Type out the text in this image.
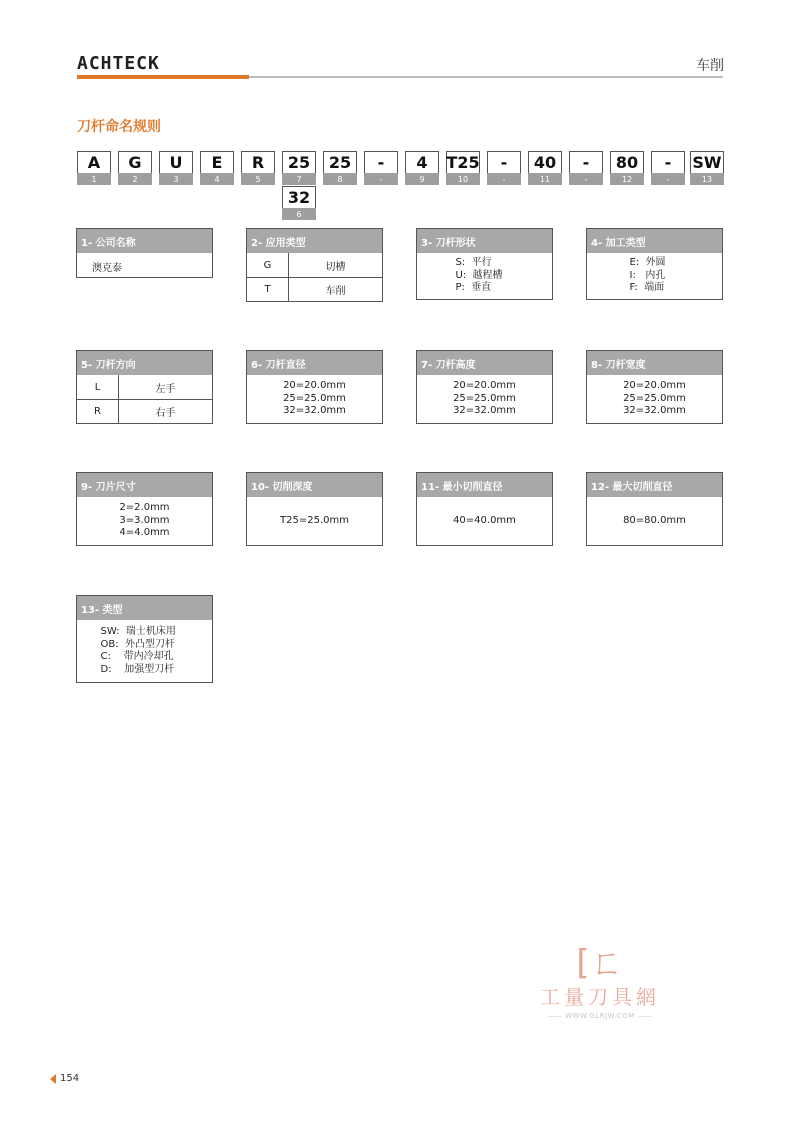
ACHTECK	车削
刀杆命名规则
A
1
G
2
U
3
E
4
R
5
25
7
25
8
-
-
4
9
T25
10
-
-
40
11
-
-
80
12
-
-
SW
13
32
6
1- 公司名称
澳克泰
2- 应用类型
G	切槽
T	车削
3- 刀杆形状
S:  平行
U:  越程槽
P:  垂直
4- 加工类型
E:  外圆
I:   内孔
F:  端面
5- 刀杆方向
L	左手
R	右手
6- 刀杆直径
20=20.0mm
25=25.0mm
32=32.0mm
7- 刀杆高度
20=20.0mm
25=25.0mm
32=32.0mm
8- 刀杆宽度
20=20.0mm
25=25.0mm
32=32.0mm
9- 刀片尺寸
2=2.0mm
3=3.0mm
4=4.0mm
10- 切削深度
T25=25.0mm
11- 最小切削直径
40=40.0mm
12- 最大切削直径
80=80.0mm
13- 类型
SW:  瑞士机床用
OB:  外凸型刀杆
C:    带内冷却孔
D:    加强型刀杆
[ㄈ
工量刀具網
—— WWW.GLRJW.COM ——
154
